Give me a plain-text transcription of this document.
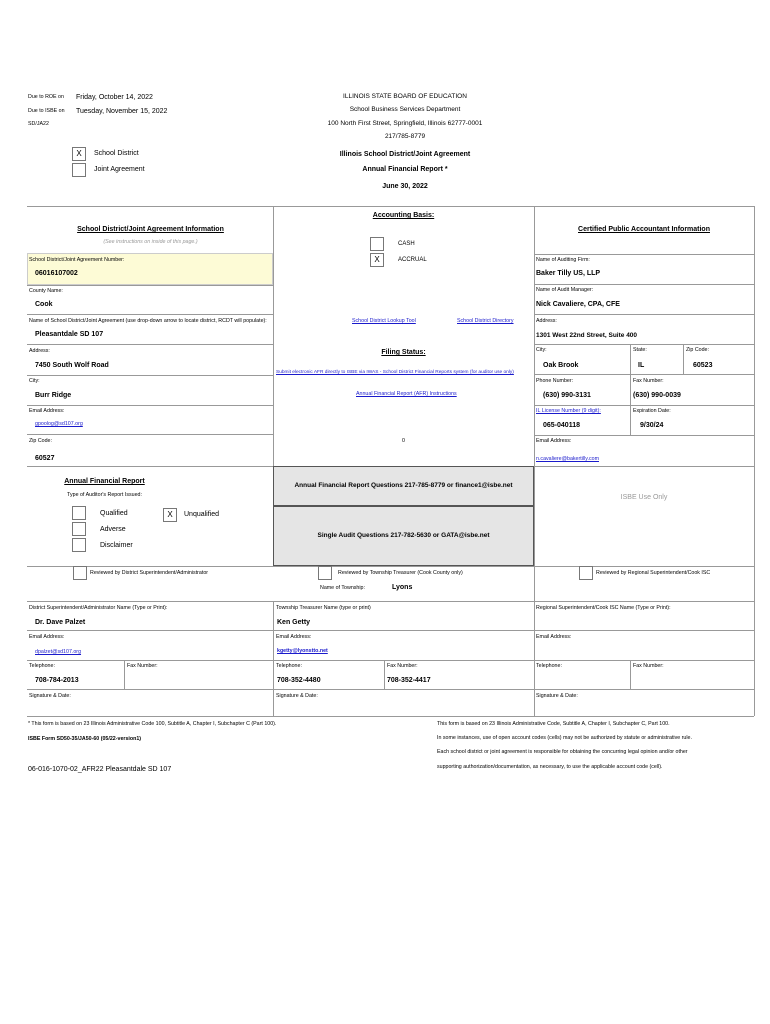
Due to ROE on Friday, October 14, 2022
Due to ISBE on Tuesday, November 15, 2022
SD/JA22
ILLINOIS STATE BOARD OF EDUCATION
School Business Services Department
100 North First Street, Springfield, Illinois 62777-0001
217/785-8779
Illinois School District/Joint Agreement
Annual Financial Report *
June 30, 2022
X	School District
Joint Agreement
School District/Joint Agreement Information
(See instructions on inside of this page.)
School District/Joint Agreement Number:
06016107002
County Name:
Cook
Name of School District/Joint Agreement (use drop-down arrow to locate district, RCDT will populate):
Pleasantdale SD 107
Address:
7450 South Wolf Road
City:
Burr Ridge
Email Address:
gpoolog@sd107.org
Zip Code:
60527
Accounting Basis:
CASH
X	ACCRUAL
School District Lookup Tool	School District Directory
Filing Status:
Submit electronic AFR directly to ISBE via IWAS - School District Financial Reports system (for auditor use only)
Annual Financial Report (AFR) Instructions
0
Certified Public Accountant Information
Name of Auditing Firm:
Baker Tilly US, LLP
Name of Audit Manager:
Nick Cavaliere, CPA, CFE
Address:
1301 West 22nd Street, Suite 400
City:
Oak Brook
State:
IL
Zip Code:
60523
Phone Number:
(630) 990-3131
Fax Number:
(630) 990-0039
IL License Number (9 digit):
065-040118
Expiration Date:
9/30/24
Email Address:
n.cavaliere@bakertilly.com
Annual Financial Report
Type of Auditor's Report Issued:
Qualified
Adverse
Disclaimer
X	Unqualified
Annual Financial Report Questions 217-785-8779 or finance1@isbe.net
Single Audit Questions 217-782-5630 or GATA@isbe.net
ISBE Use Only
Reviewed by District Superintendent/Administrator	Reviewed by Township Treasurer (Cook County only)
Name of Township:	Lyons
Reviewed by Regional Superintendent/Cook ISC
District Superintendent/Administrator Name (Type or Print):
Dr. Dave Palzet
Email Address:
dpalzet@sd107.org
Telephone:
708-784-2013
Fax Number:
Signature & Date:
Township Treasurer Name (type or print)
Ken Getty
Email Address:
kgetty@lyonstto.net
Telephone:
708-352-4480
Fax Number:
708-352-4417
Signature & Date:
Regional Superintendent/Cook ISC Name (Type or Print):
Email Address:
Telephone:	Fax Number:
Signature & Date:
* This form is based on 23 Illinois Administrative Code 100, Subtitle A, Chapter I, Subchapter C (Part 100).
ISBE Form SD50-35/JA50-60 (05/22-version1)
06-016-1070-02_AFR22 Pleasantdale SD 107
This form is based on 23 Illinois Administrative Code, Subtitle A, Chapter I, Subchapter C, Part 100.
In some instances, use of open account codes (cells) may not be authorized by statute or administrative rule.
Each school district or joint agreement is responsible for obtaining the concurring legal opinion and/or other
supporting authorization/documentation, as necessary, to use the applicable account code (cell).
